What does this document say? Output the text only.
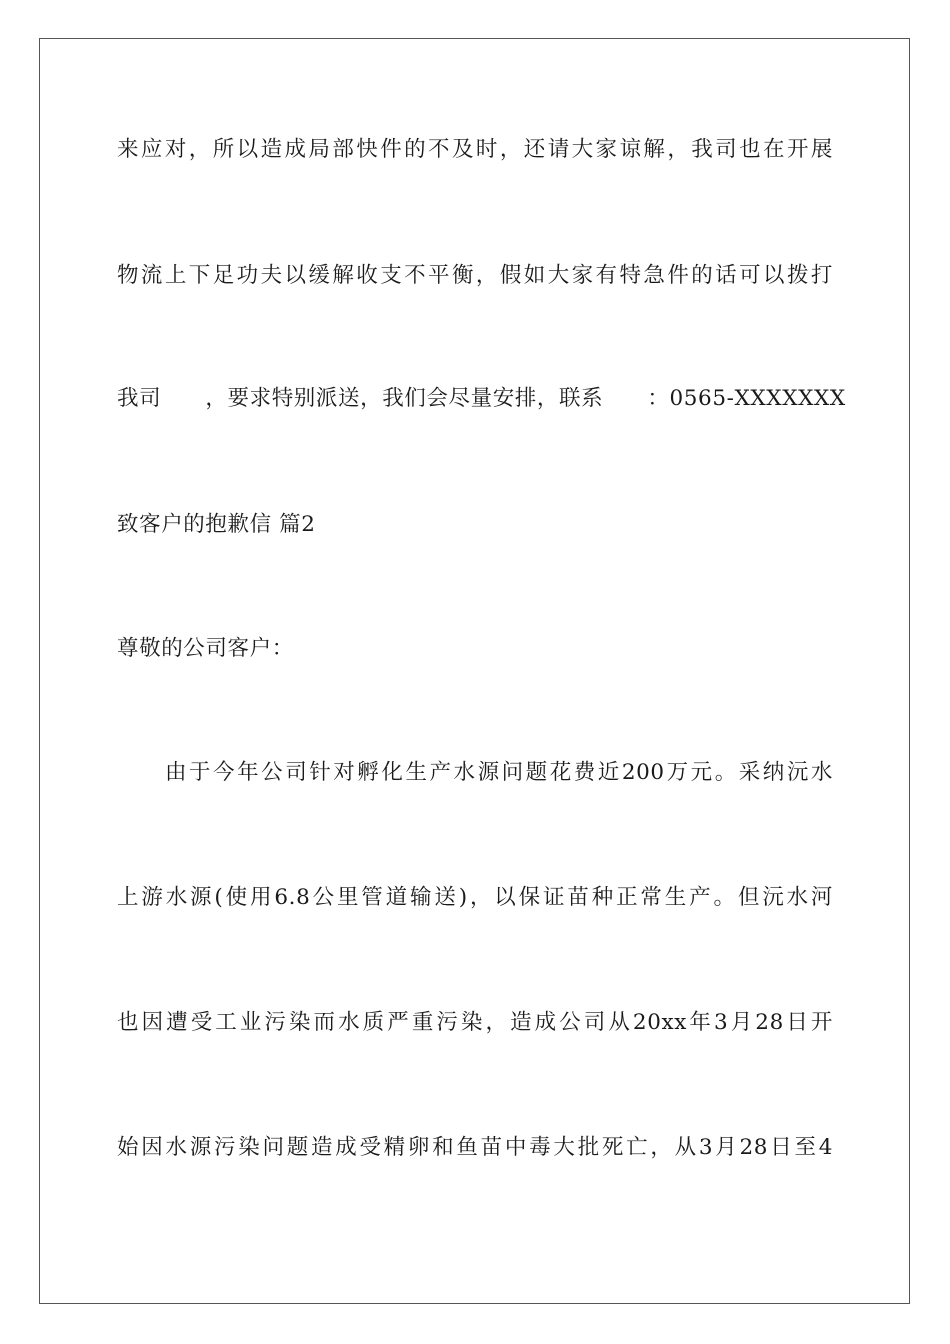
来应对，所以造成局部快件的不及时，还请大家谅解，我司也在开展
物流上下足功夫以缓解收支不平衡，假如大家有特急件的话可以拨打
我司　　，要求特别派送，我们会尽量安排，联系　　：0565-XXXXXXX
致客户的抱歉信 篇2
尊敬的公司客户：
由于今年公司针对孵化生产水源问题花费近200万元。采纳沅水
上游水源(使用6.8公里管道输送)，以保证苗种正常生产。但沅水河
也因遭受工业污染而水质严重污染，造成公司从20xx年3月28日开
始因水源污染问题造成受精卵和鱼苗中毒大批死亡，从3月28日至4
